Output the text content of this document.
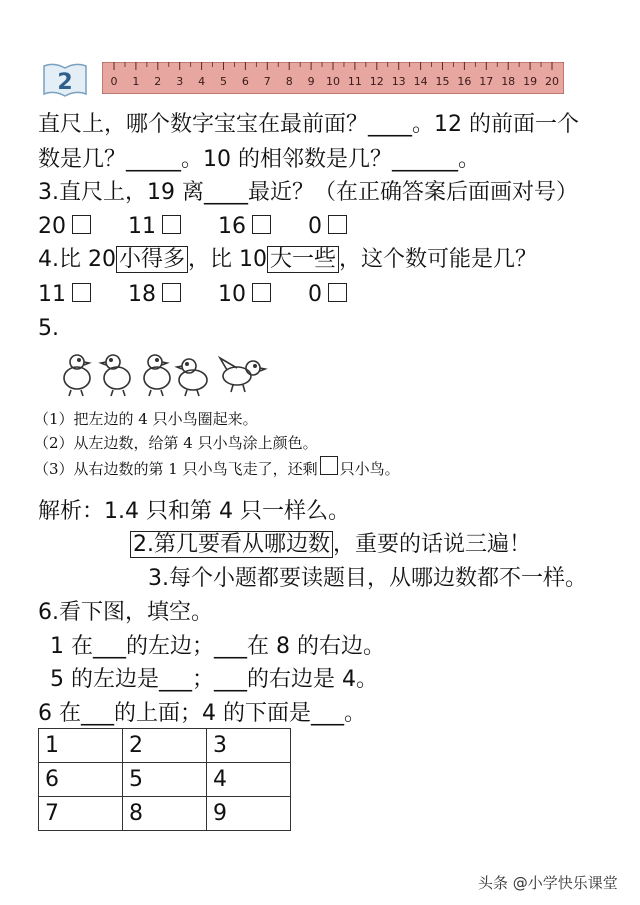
2	0 1 2 3 4 5 6 7 8 9 10 11 12 13 14 15 16 17 18 19 20
直尺上，哪个数字宝宝在最前面？____。12 的前面一个
数是几？_____。10 的相邻数是几？______。
3.直尺上，19 离____最近？（在正确答案后面画对号）
20	11	16	0
4.比 20 小得多 ，比 10 大一些 ，这个数可能是几？
11	18	10	0
5.
（1）把左边的 4 只小鸟圈起来。
（2）从左边数，给第 4 只小鸟涂上颜色。
（3）从右边数的第 1 只小鸟飞走了，还剩 只小鸟。
解析：1.4 只和第 4 只一样么。
2.第几要看从哪边数 ，重要的话说三遍！
3.每个小题都要读题目，从哪边数都不一样。
6.看下图，填空。
1 在___的左边；___在 8 的右边。
5 的左边是___；___的右边是 4。
6 在___的上面；4 的下面是___。
1	2	3
6	5	4
7	8	9
头条 @小学快乐课堂
